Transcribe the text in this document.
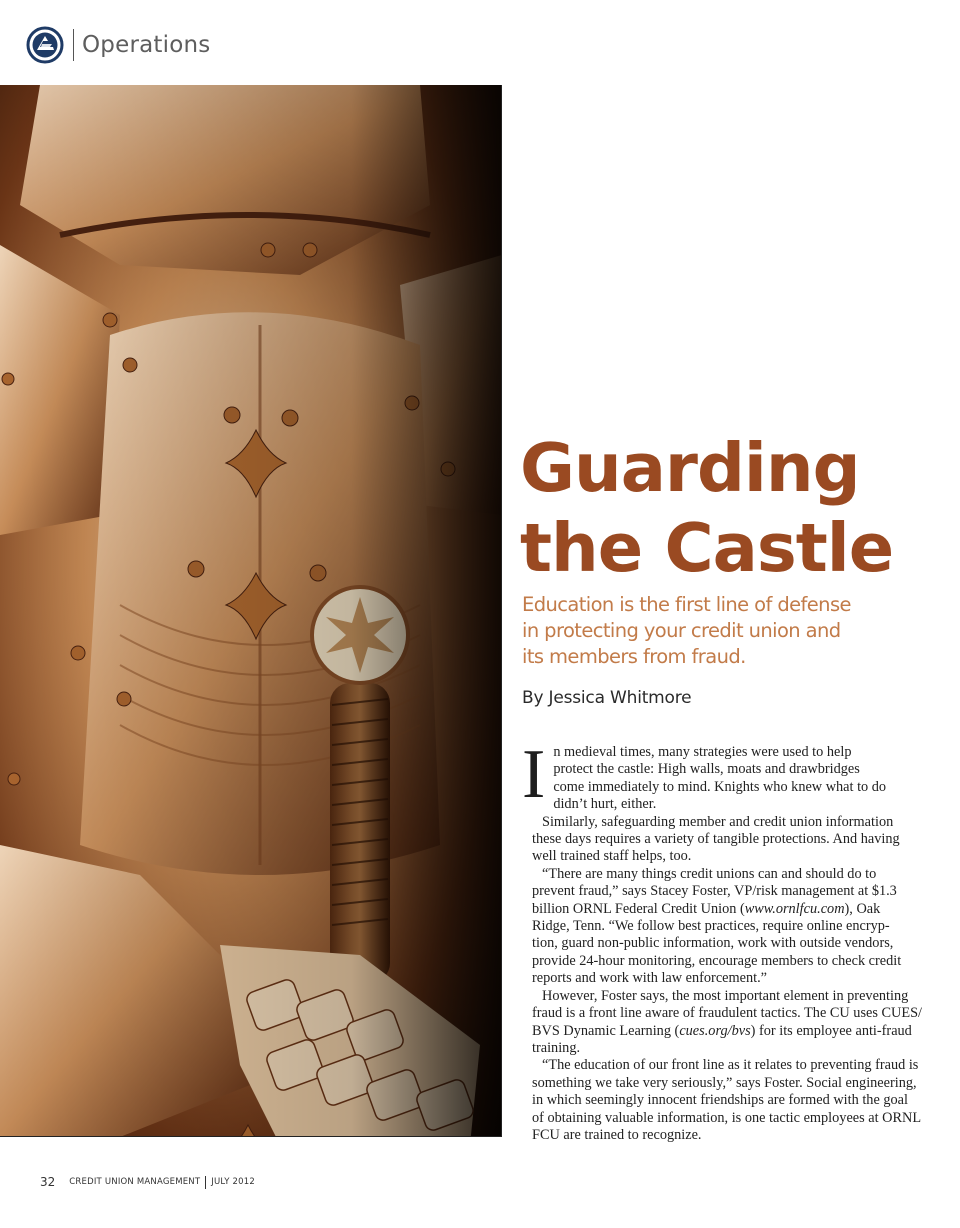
Operations
Guarding
the Castle
Education is the first line of defense
in protecting your credit union and
its members from fraud.
By Jessica Whitmore

I n medieval times, many strategies were used to help
protect the castle: High walls, moats and drawbridges
come immediately to mind. Knights who knew what to do
didn’t hurt, either.

Similarly, safeguarding member and credit union information
these days requires a variety of tangible protections. And having
well trained staff helps, too.

“There are many things credit unions can and should do to
prevent fraud,” says Stacey Foster, VP/risk management at $1.3
billion ORNL Federal Credit Union (www.ornlfcu.com), Oak
Ridge, Tenn. “We follow best practices, require online encryp-
tion, guard non-public information, work with outside vendors,
provide 24-hour monitoring, encourage members to check credit
reports and work with law enforcement.”

However, Foster says, the most important element in preventing
fraud is a front line aware of fraudulent tactics. The CU uses CUES/
BVS Dynamic Learning (cues.org/bvs) for its employee anti-fraud
training.

“The education of our front line as it relates to preventing fraud is
something we take very seriously,” says Foster. Social engineering,
in which seemingly innocent friendships are formed with the goal
of obtaining valuable information, is one tactic employees at ORNL
FCU are trained to recognize.

32 CREDIT UNION MANAGEMENT JULY 2012
